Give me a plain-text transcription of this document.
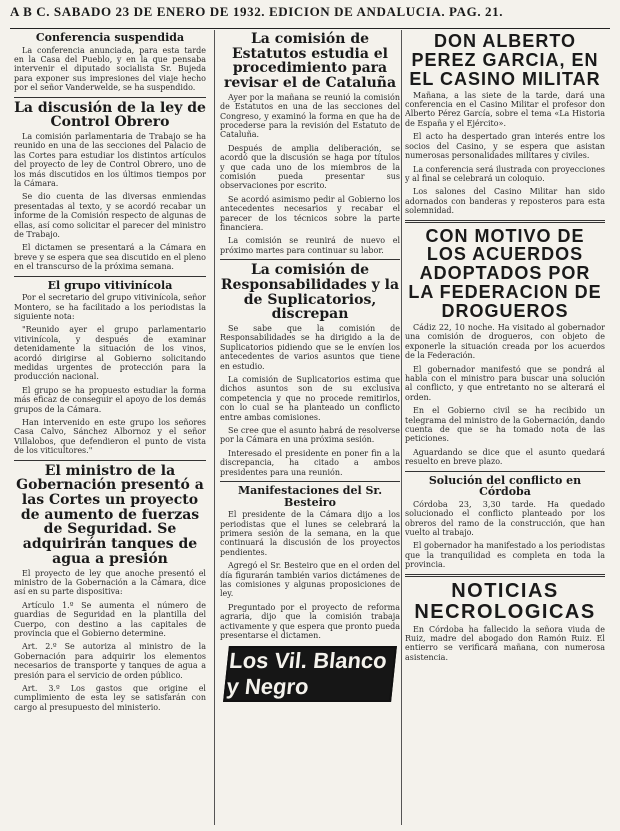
A B C. SABADO 23 DE ENERO DE 1932. EDICION DE ANDALUCIA. PAG. 21.
Conferencia suspendida

La conferencia anunciada, para esta tarde en la Casa del Pueblo, y en la que pensaba intervenir el diputado socialista Sr. Bujeda para exponer sus impresiones del viaje hecho por el señor Vanderwelde, se ha suspendido.

La discusión de la ley de Control Obrero

La comisión parlamentaria de Trabajo se ha reunido en una de las secciones del Palacio de las Cortes para estudiar los distintos artículos del proyecto de ley de Control Obrero, uno de los más discutidos en los últimos tiempos por la Cámara.

Se dio cuenta de las diversas enmiendas presentadas al texto, y se acordó recabar un informe de la Comisión respecto de algunas de ellas, así como solicitar el parecer del ministro de Trabajo.

El dictamen se presentará a la Cámara en breve y se espera que sea discutido en el pleno en el transcurso de la próxima semana.

El grupo vitivinícola

Por el secretario del grupo vitivinícola, señor Montero, se ha facilitado a los periodistas la siguiente nota:

"Reunido ayer el grupo parlamentario vitivinícola, y después de examinar detenidamente la situación de los vinos, acordó dirigirse al Gobierno solicitando medidas urgentes de protección para la producción nacional.

El grupo se ha propuesto estudiar la forma más eficaz de conseguir el apoyo de los demás grupos de la Cámara.

Han intervenido en este grupo los señores Casa Calvo, Sánchez Albornoz y el señor Villalobos, que defendieron el punto de vista de los viticultores."

El ministro de la Gobernación presentó a las Cortes un proyecto de aumento de fuerzas de Seguridad. Se adquirirán tanques de agua a presión

El proyecto de ley que anoche presentó el ministro de la Gobernación a la Cámara, dice así en su parte dispositiva:

Artículo 1.º Se aumenta el número de guardias de Seguridad en la plantilla del Cuerpo, con destino a las capitales de provincia que el Gobierno determine.

Art. 2.º Se autoriza al ministro de la Gobernación para adquirir los elementos necesarios de transporte y tanques de agua a presión para el servicio de orden público.

Art. 3.º Los gastos que origine el cumplimiento de esta ley se satisfarán con cargo al presupuesto del ministerio.

La comisión de Estatutos estudia el procedimiento para revisar el de Cataluña

Ayer por la mañana se reunió la comisión de Estatutos en una de las secciones del Congreso, y examinó la forma en que ha de procederse para la revisión del Estatuto de Cataluña.

Después de amplia deliberación, se acordó que la discusión se haga por títulos y que cada uno de los miembros de la comisión pueda presentar sus observaciones por escrito.

Se acordó asimismo pedir al Gobierno los antecedentes necesarios y recabar el parecer de los técnicos sobre la parte financiera.

La comisión se reunirá de nuevo el próximo martes para continuar su labor.

La comisión de Responsabilidades y la de Suplicatorios, discrepan

Se sabe que la comisión de Responsabilidades se ha dirigido a la de Suplicatorios pidiendo que se le envíen los antecedentes de varios asuntos que tiene en estudio.

La comisión de Suplicatorios estima que dichos asuntos son de su exclusiva competencia y que no procede remitirlos, con lo cual se ha planteado un conflicto entre ambas comisiones.

Se cree que el asunto habrá de resolverse por la Cámara en una próxima sesión.

Interesado el presidente en poner fin a la discrepancia, ha citado a ambos presidentes para una reunión.

Manifestaciones del Sr. Besteiro

El presidente de la Cámara dijo a los periodistas que el lunes se celebrará la primera sesión de la semana, en la que continuará la discusión de los proyectos pendientes.

Agregó el Sr. Besteiro que en el orden del día figurarán también varios dictámenes de las comisiones y algunas proposiciones de ley.

Preguntado por el proyecto de reforma agraria, dijo que la comisión trabaja activamente y que espera que pronto pueda presentarse el dictamen.

Los Vil. Blanco y Negro
DON ALBERTO PEREZ GARCIA, EN EL CASINO MILITAR

Mañana, a las siete de la tarde, dará una conferencia en el Casino Militar el profesor don Alberto Pérez García, sobre el tema «La Historia de España y el Ejército».

El acto ha despertado gran interés entre los socios del Casino, y se espera que asistan numerosas personalidades militares y civiles.

La conferencia será ilustrada con proyecciones y al final se celebrará un coloquio.

Los salones del Casino Militar han sido adornados con banderas y reposteros para esta solemnidad.

CON MOTIVO DE LOS ACUERDOS ADOPTADOS POR LA FEDERACION DE DROGUEROS

Cádiz 22, 10 noche. Ha visitado al gobernador una comisión de drogueros, con objeto de exponerle la situación creada por los acuerdos de la Federación.

El gobernador manifestó que se pondrá al habla con el ministro para buscar una solución al conflicto, y que entretanto no se alterará el orden.

En el Gobierno civil se ha recibido un telegrama del ministro de la Gobernación, dando cuenta de que se ha tomado nota de las peticiones.

Aguardando se dice que el asunto quedará resuelto en breve plazo.

Solución del conflicto en Córdoba

Córdoba 23, 3,30 tarde. Ha quedado solucionado el conflicto planteado por los obreros del ramo de la construcción, que han vuelto al trabajo.

El gobernador ha manifestado a los periodistas que la tranquilidad es completa en toda la provincia.

NOTICIAS NECROLOGICAS

En Córdoba ha fallecido la señora viuda de Ruiz, madre del abogado don Ramón Ruiz. El entierro se verificará mañana, con numerosa asistencia.
